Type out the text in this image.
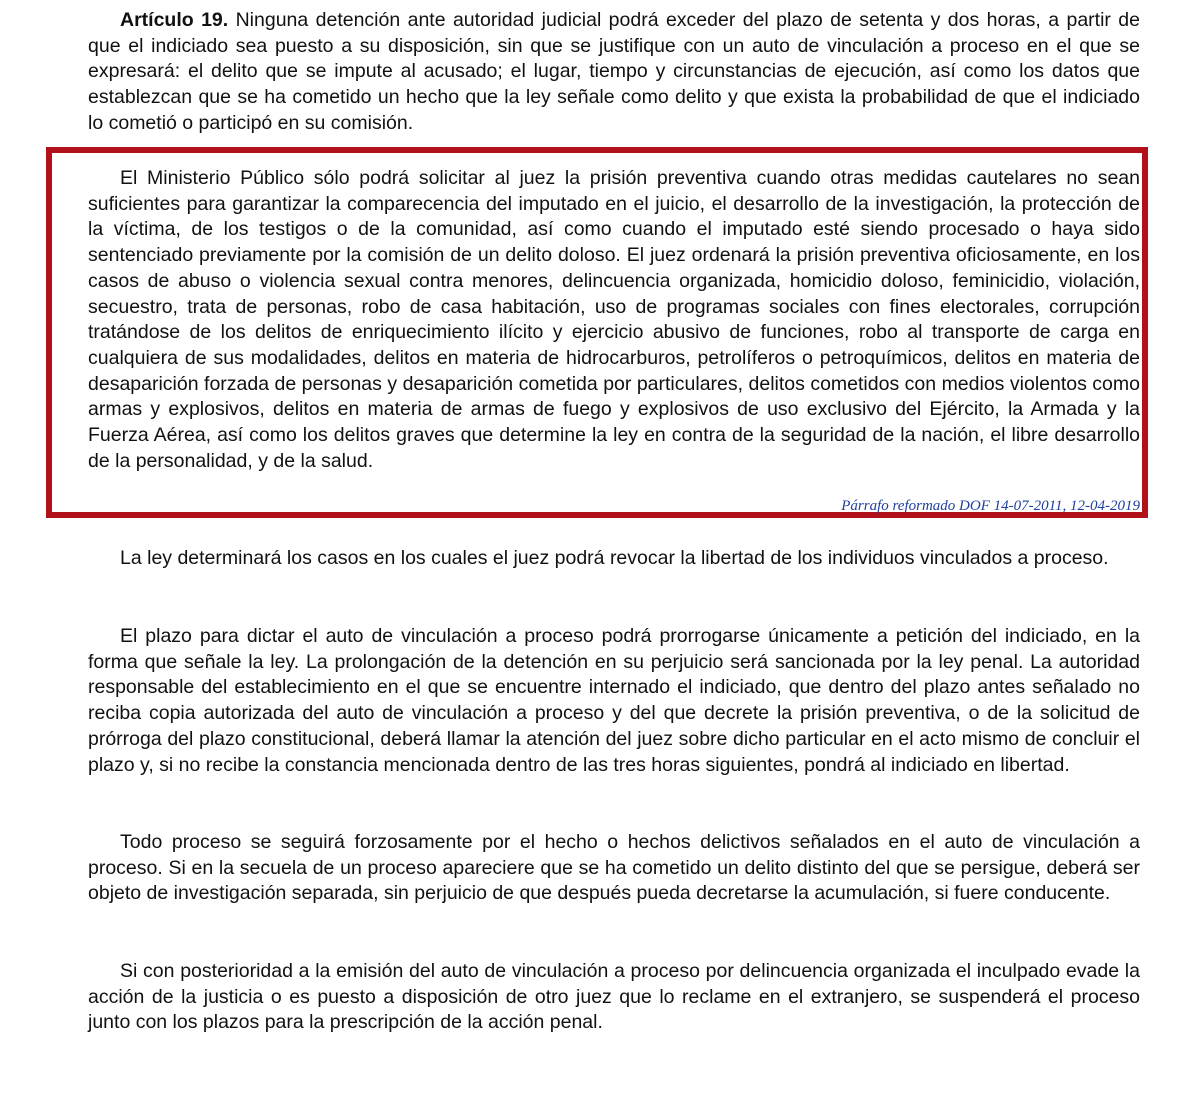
Artículo 19. Ninguna detención ante autoridad judicial podrá exceder del plazo de setenta y dos horas, a partir de que el indiciado sea puesto a su disposición, sin que se justifique con un auto de vinculación a proceso en el que se expresará: el delito que se impute al acusado; el lugar, tiempo y circunstancias de ejecución, así como los datos que establezcan que se ha cometido un hecho que la ley señale como delito y que exista la probabilidad de que el indiciado lo cometió o participó en su comisión.

El Ministerio Público sólo podrá solicitar al juez la prisión preventiva cuando otras medidas cautelares no sean suficientes para garantizar la comparecencia del imputado en el juicio, el desarrollo de la investigación, la protección de la víctima, de los testigos o de la comunidad, así como cuando el imputado esté siendo procesado o haya sido sentenciado previamente por la comisión de un delito doloso. El juez ordenará la prisión preventiva oficiosamente, en los casos de abuso o violencia sexual contra menores, delincuencia organizada, homicidio doloso, feminicidio, violación, secuestro, trata de personas, robo de casa habitación, uso de programas sociales con fines electorales, corrupción tratándose de los delitos de enriquecimiento ilícito y ejercicio abusivo de funciones, robo al transporte de carga en cualquiera de sus modalidades, delitos en materia de hidrocarburos, petrolíferos o petroquímicos, delitos en materia de desaparición forzada de personas y desaparición cometida por particulares, delitos cometidos con medios violentos como armas y explosivos, delitos en materia de armas de fuego y explosivos de uso exclusivo del Ejército, la Armada y la Fuerza Aérea, así como los delitos graves que determine la ley en contra de la seguridad de la nación, el libre desarrollo de la personalidad, y de la salud.

Párrafo reformado DOF 14-07-2011, 12-04-2019

La ley determinará los casos en los cuales el juez podrá revocar la libertad de los individuos vinculados a proceso.

El plazo para dictar el auto de vinculación a proceso podrá prorrogarse únicamente a petición del indiciado, en la forma que señale la ley. La prolongación de la detención en su perjuicio será sancionada por la ley penal. La autoridad responsable del establecimiento en el que se encuentre internado el indiciado, que dentro del plazo antes señalado no reciba copia autorizada del auto de vinculación a proceso y del que decrete la prisión preventiva, o de la solicitud de prórroga del plazo constitucional, deberá llamar la atención del juez sobre dicho particular en el acto mismo de concluir el plazo y, si no recibe la constancia mencionada dentro de las tres horas siguientes, pondrá al indiciado en libertad.

Todo proceso se seguirá forzosamente por el hecho o hechos delictivos señalados en el auto de vinculación a proceso. Si en la secuela de un proceso apareciere que se ha cometido un delito distinto del que se persigue, deberá ser objeto de investigación separada, sin perjuicio de que después pueda decretarse la acumulación, si fuere conducente.

Si con posterioridad a la emisión del auto de vinculación a proceso por delincuencia organizada el inculpado evade la acción de la justicia o es puesto a disposición de otro juez que lo reclame en el extranjero, se suspenderá el proceso junto con los plazos para la prescripción de la acción penal.
